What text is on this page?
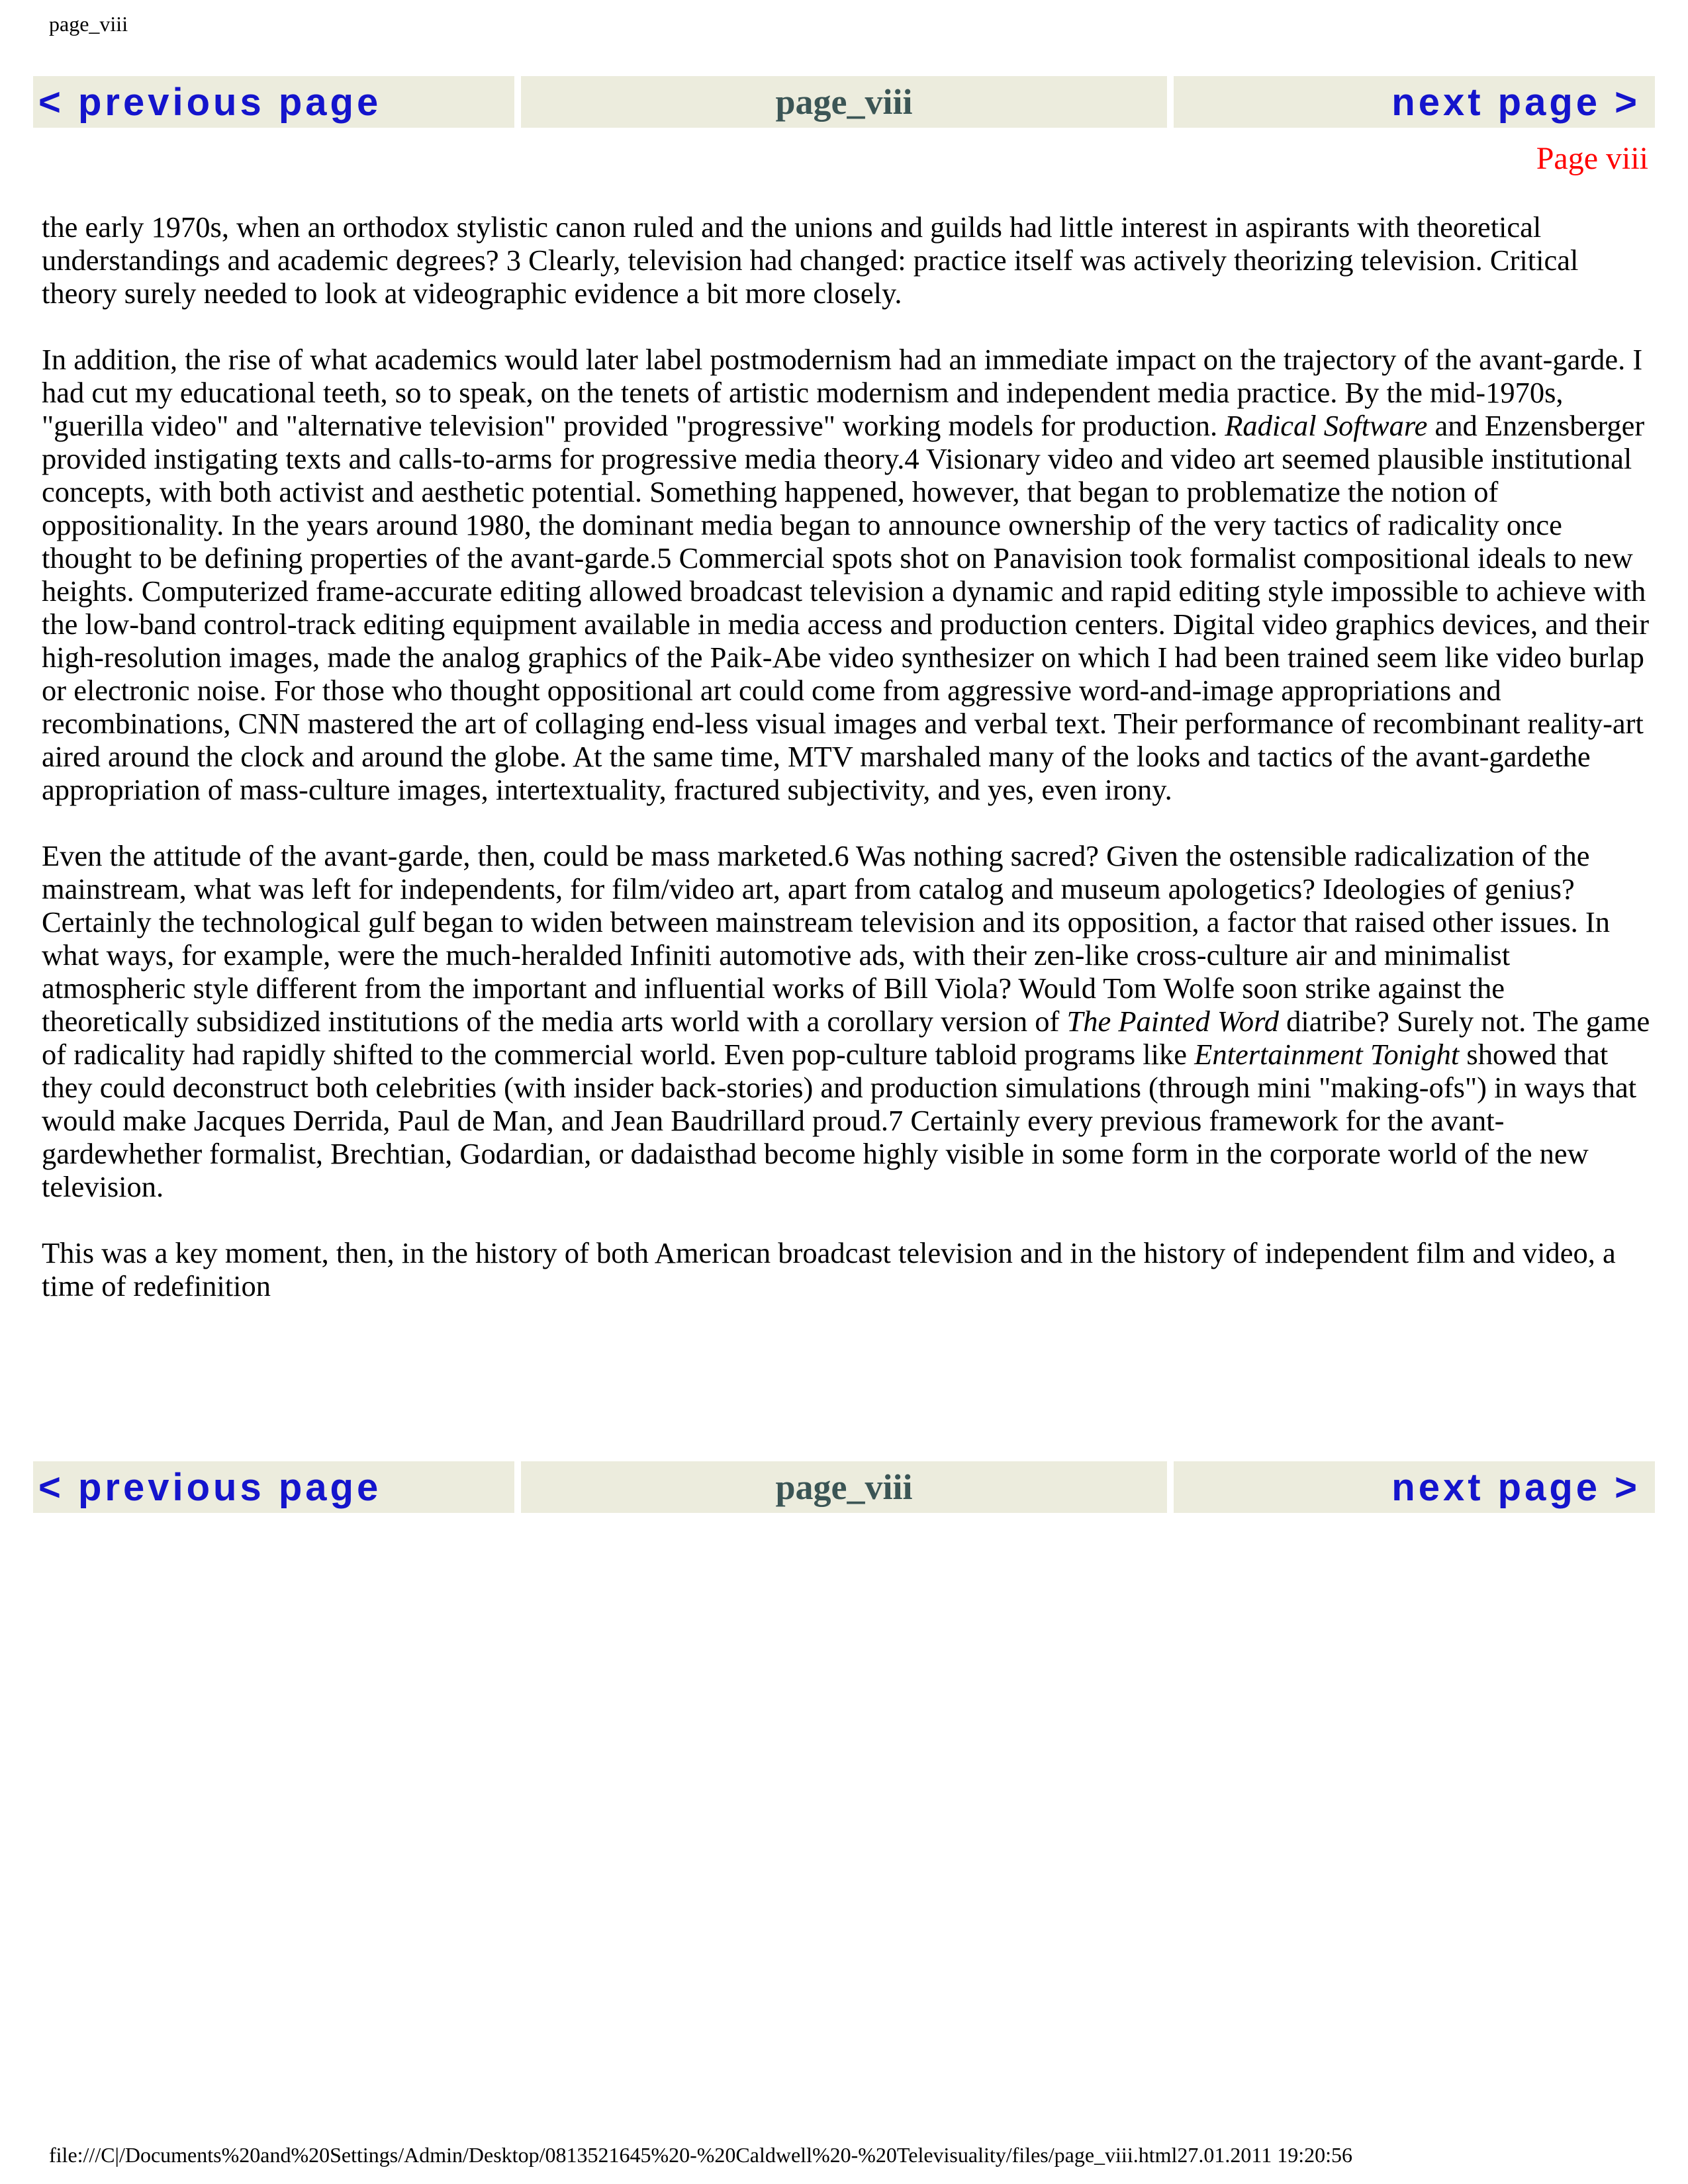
page_viii
< previous page	page_viii	next page >
Page viii

the early 1970s, when an orthodox stylistic canon ruled and the unions and guilds had little interest in aspirants with theoretical understandings and academic degrees? 3 Clearly, television had changed: practice itself was actively theorizing television. Critical theory surely needed to look at videographic evidence a bit more closely.

In addition, the rise of what academics would later label postmodernism had an immediate impact on the trajectory of the avant-garde. I had cut my educational teeth, so to speak, on the tenets of artistic modernism and independent media practice. By the mid-1970s, "guerilla video" and "alternative television" provided "progressive" working models for production. Radical Software and Enzensberger provided instigating texts and calls-to-arms for progressive media theory.4 Visionary video and video art seemed plausible institutional concepts, with both activist and aesthetic potential. Something happened, however, that began to problematize the notion of oppositionality. In the years around 1980, the dominant media began to announce ownership of the very tactics of radicality once thought to be defining properties of the avant-garde.5 Commercial spots shot on Panavision took formalist compositional ideals to new heights. Computerized frame-accurate editing allowed broadcast television a dynamic and rapid editing style impossible to achieve with the low-band control-track editing equipment available in media access and production centers. Digital video graphics devices, and their high-resolution images, made the analog graphics of the Paik-Abe video synthesizer on which I had been trained seem like video burlap or electronic noise. For those who thought oppositional art could come from aggressive word-and-image appropriations and recombinations, CNN mastered the art of collaging end-less visual images and verbal text. Their performance of recombinant reality-art aired around the clock and around the globe. At the same time, MTV marshaled many of the looks and tactics of the avant-gardethe appropriation of mass-culture images, intertextuality, fractured subjectivity, and yes, even irony.

Even the attitude of the avant-garde, then, could be mass marketed.6 Was nothing sacred? Given the ostensible radicalization of the mainstream, what was left for independents, for film/video art, apart from catalog and museum apologetics? Ideologies of genius? Certainly the technological gulf began to widen between mainstream television and its opposition, a factor that raised other issues. In what ways, for example, were the much-heralded Infiniti automotive ads, with their zen-like cross-culture air and minimalist atmospheric style different from the important and influential works of Bill Viola? Would Tom Wolfe soon strike against the theoretically subsidized institutions of the media arts world with a corollary version of The Painted Word diatribe? Surely not. The game of radicality had rapidly shifted to the commercial world. Even pop-culture tabloid programs like Entertainment Tonight showed that they could deconstruct both celebrities (with insider back-stories) and production simulations (through mini "making-ofs") in ways that would make Jacques Derrida, Paul de Man, and Jean Baudrillard proud.7 Certainly every previous framework for the avant-gardewhether formalist, Brechtian, Godardian, or dadaisthad become highly visible in some form in the corporate world of the new television.

This was a key moment, then, in the history of both American broadcast television and in the history of independent film and video, a time of redefinition

< previous page	page_viii	next page >
file:///C|/Documents%20and%20Settings/Admin/Desktop/0813521645%20-%20Caldwell%20-%20Televisuality/files/page_viii.html27.01.2011 19:20:56
